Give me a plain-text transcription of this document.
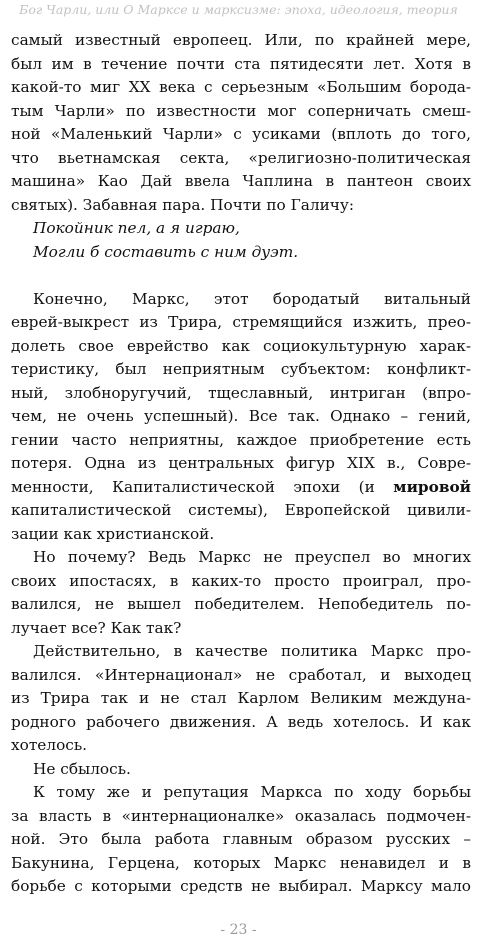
Бог Чарли, или О Марксе и марксизме: эпоха, идеология, теория
самый известный европеец. Или, по крайней мере,
был им в течение почти ста пятидесяти лет. Хотя в
какой-то миг XX века с серьезным «Большим борода-
тым Чарли» по известности мог соперничать смеш-
ной «Маленький Чарли» с усиками (вплоть до того,
что вьетнамская секта, «религиозно-политическая
машина» Као Дай ввела Чаплина в пантеон своих
святых). Забавная пара. Почти по Галичу:
Покойник пел, а я играю,
Могли б составить с ним дуэт.
Конечно, Маркс, этот бородатый витальный
еврей-выкрест из Трира, стремящийся изжить, прео-
долеть свое еврейство как социокультурную харак-
теристику, был неприятным субъектом: конфликт-
ный, злобноругучий, тщеславный, интриган (впро-
чем, не очень успешный). Все так. Однако – гений,
гении часто неприятны, каждое приобретение есть
потеря. Одна из центральных фигур XIX в., Совре-
менности, Капиталистической эпохи (и мировой
капиталистической системы), Европейской цивили-
зации как христианской.
Но почему? Ведь Маркс не преуспел во многих
своих ипостасях, в каких-то просто проиграл, про-
валился, не вышел победителем. Непобедитель по-
лучает все? Как так?
Действительно, в качестве политика Маркс про-
валился. «Интернационал» не сработал, и выходец
из Трира так и не стал Карлом Великим междуна-
родного рабочего движения. А ведь хотелось. И как
хотелось.
Не сбылось.
К тому же и репутация Маркса по ходу борьбы
за власть в «интернационалке» оказалась подмочен-
ной. Это была работа главным образом русских –
Бакунина, Герцена, которых Маркс ненавидел и в
борьбе с которыми средств не выбирал. Марксу мало
- 23 -
